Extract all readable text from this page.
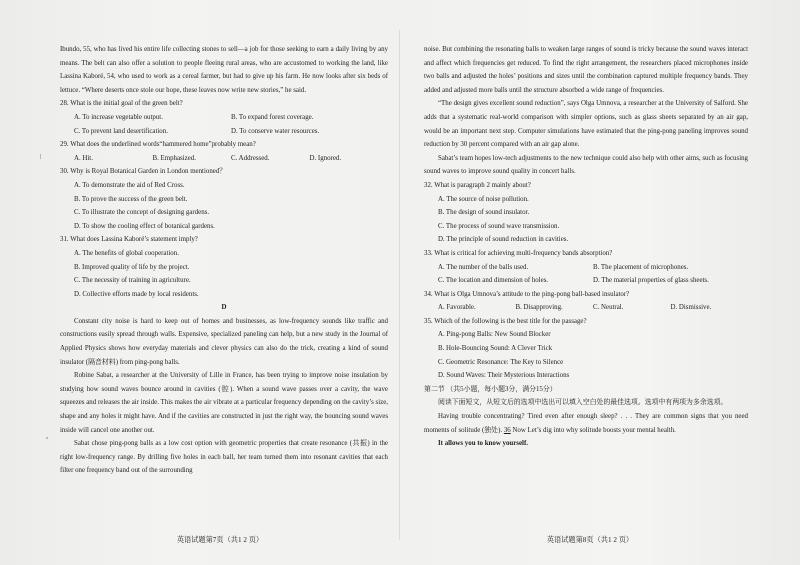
Ibundo, 55, who has lived his entire life collecting stones to sell—a job for those seeking to earn a daily living by any means. The belt can also offer a solution to people fleeing rural areas, who are accustomed to working the land, like Lassina Kaboré, 54, who used to work as a cereal farmer, but had to give up his farm. He now looks after six beds of lettuce. “Where deserts once stole our hope, these leaves now write new stories,” he said.

28. What is the initial goal of the green belt?

A. To increase vegetable output.	B. To expand forest coverage.
C. To prevent land desertification.	D. To conserve water resources.

29. What does the underlined words“hammered home”probably mean?

A. Hit.	B. Emphasized.	C. Addressed.	D. Ignored.

30. Why is Royal Botanical Garden in London mentioned？

A. To demonstrate the aid of Red Cross.

B. To prove the success of the green belt.

C. To illustrate the concept of designing gardens.

D. To show the cooling effect of botanical gardens.

31. What does Lassina Kaboré’s statement imply?

A. The benefits of global cooperation.

B. Improved quality of life by the project.

C. The necessity of training in agriculture.

D. Collective efforts made by local residents.

D

Constant city noise is hard to keep out of homes and businesses, as low-frequency sounds like traffic and constructions easily spread through walls. Expensive, specialized paneling can help, but a new study in the Journal of Applied Physics shows how everyday materials and clever physics can also do the trick, creating a kind of sound insulator (隔音材料) from ping-pong balls.

Robine Sabat, a researcher at the University of Lille in France, has been trying to improve noise insulation by studying how sound waves bounce around in cavities (腔). When a sound wave passes over a cavity, the wave squeezes and releases the air inside. This makes the air vibrate at a particular frequency depending on the cavity’s size, shape and any holes it might have. And if the cavities are constructed in just the right way, the bouncing sound waves inside will cancel one another out.

Sabat chose ping-pong balls as a low cost option with geometric properties that create resonance (共振) in the right low-frequency range. By drilling five holes in each ball, her team turned them into resonant cavities that each filter one frequency band out of the surrounding

英语试题第7页（共1 2 页）

noise. But combining the resonating balls to weaken large ranges of sound is tricky because the sound waves interact and affect which frequencies get reduced. To find the right arrangement, the researchers placed microphones inside two balls and adjusted the holes’ positions and sizes until the combination captured multiple frequency bands. They added and adjusted more balls until the structure absorbed a wide range of frequencies.

“The design gives excellent sound reduction”, says Olga Umnova, a researcher at the University of Salford. She adds that a systematic real-world comparison with simpler options, such as glass sheets separated by an air gap, would be an important next step. Computer simulations have estimated that the ping-pong paneling improves sound reduction by 30 percent compared with an air gap alone.

Sabat’s team hopes low-tech adjustments to the new technique could also help with other aims, such as focusing sound waves to improve sound quality in concert halls.

32. What is paragraph 2 mainly about?

A. The source of noise pollution.

B. The design of sound insulator.

C. The process of sound wave transmission.

D. The principle of sound reduction in cavities.

33. What is critical for achieving multi-frequency bands absorption?

A. The number of the balls used.	B. The placement of microphones.
C. The location and dimension of holes.	D. The material properties of glass sheets.

34. What is Olga Umnova’s attitude to the ping-pong ball-based insulator?

A. Favorable.	B. Disapproving.	C. Neutral.	D. Dismissive.

35. Which of the following is the best title for the passage?

A. Ping-pong Balls: New Sound Blocker

B. Hole-Bouncing Sound: A Clever Trick

C. Geometric Resonance: The Key to Silence

D. Sound Waves: Their Mysterious Interactions

第二节 （共5小题，每小题3分，满分15分）

阅读下面短文，从短文后的选项中选出可以填入空白处的最佳选项。选项中有两项为多余选项。

Having trouble concentrating? Tired even after enough sleep? . . . They are common signs that you need moments of solitude (独处). 36 Now Let’s dig into why solitude boosts your mental health.

It allows you to know yourself.

英语试题第8页（共1 2 页）
